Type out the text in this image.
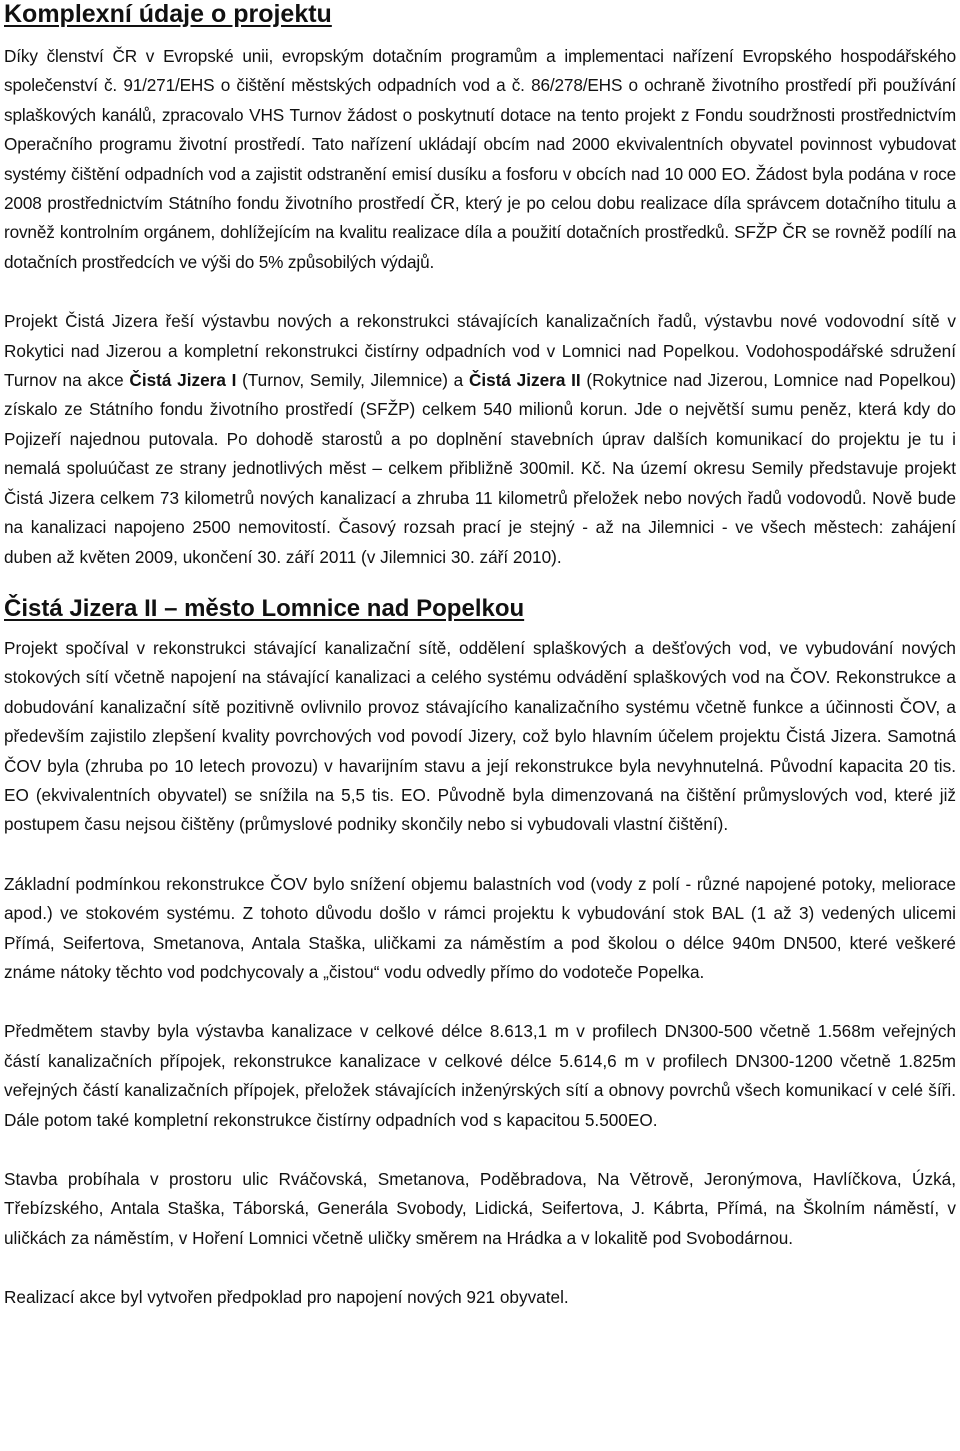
Komplexní údaje o projektu

Díky členství ČR v Evropské unii, evropským dotačním programům a implementaci nařízení Evropského hospodářského společenství č. 91/271/EHS o čištění městských odpadních vod a č. 86/278/EHS o ochraně životního prostředí při používání splaškových kanálů, zpracovalo VHS Turnov žádost o poskytnutí dotace na tento projekt z Fondu soudržnosti prostřednictvím Operačního programu životní prostředí. Tato nařízení ukládají obcím nad 2000 ekvivalentních obyvatel povinnost vybudovat systémy čištění odpadních vod a zajistit odstranění emisí dusíku a fosforu v obcích nad 10 000 EO. Žádost byla podána v roce 2008 prostřednictvím Státního fondu životního prostředí ČR, který je po celou dobu realizace díla správcem dotačního titulu a rovněž kontrolním orgánem, dohlížejícím na kvalitu realizace díla a použití dotačních prostředků. SFŽP ČR se rovněž podílí na dotačních prostředcích ve výši do 5% způsobilých výdajů.

Projekt Čistá Jizera řeší výstavbu nových a rekonstrukci stávajících kanalizačních řadů, výstavbu nové vodovodní sítě v Rokytici nad Jizerou a kompletní rekonstrukci čistírny odpadních vod v Lomnici nad Popelkou. Vodohospodářské sdružení Turnov na akce Čistá Jizera I (Turnov, Semily, Jilemnice) a Čistá Jizera II (Rokytnice nad Jizerou, Lomnice nad Popelkou) získalo ze Státního fondu životního prostředí (SFŽP) celkem 540 milionů korun. Jde o největší sumu peněz, která kdy do Pojizeří najednou putovala. Po dohodě starostů a po doplnění stavebních úprav dalších komunikací do projektu je tu i nemalá spoluúčast ze strany jednotlivých měst – celkem přibližně 300mil. Kč. Na území okresu Semily představuje projekt Čistá Jizera celkem 73 kilometrů nových kanalizací a zhruba 11 kilometrů přeložek nebo nových řadů vodovodů. Nově bude na kanalizaci napojeno 2500 nemovitostí. Časový rozsah prací je stejný - až na Jilemnici - ve všech městech: zahájení duben až květen 2009, ukončení 30. září 2011 (v Jilemnici 30. září 2010).

Čistá Jizera II – město Lomnice nad Popelkou

Projekt spočíval v rekonstrukci stávající kanalizační sítě, oddělení splaškových a dešťových vod, ve vybudování nových stokových sítí včetně napojení na stávající kanalizaci a celého systému odvádění splaškových vod na ČOV. Rekonstrukce a dobudování kanalizační sítě pozitivně ovlivnilo provoz stávajícího kanalizačního systému včetně funkce a účinnosti ČOV, a především zajistilo zlepšení kvality povrchových vod povodí Jizery, což bylo hlavním účelem projektu Čistá Jizera. Samotná ČOV byla (zhruba po 10 letech provozu) v havarijním stavu a její rekonstrukce byla nevyhnutelná. Původní kapacita 20 tis. EO (ekvivalentních obyvatel) se snížila na 5,5 tis. EO. Původně byla dimenzovaná na čištění průmyslových vod, které již postupem času nejsou čištěny (průmyslové podniky skončily nebo si vybudovali vlastní čištění).

Základní podmínkou rekonstrukce ČOV bylo snížení objemu balastních vod (vody z polí - různé napojené potoky, meliorace apod.) ve stokovém systému. Z tohoto důvodu došlo v rámci projektu k vybudování stok BAL (1 až 3) vedených ulicemi Přímá, Seifertova, Smetanova, Antala Staška, uličkami za náměstím a pod školou o délce 940m DN500, které veškeré známe nátoky těchto vod podchycovaly a „čistou“ vodu odvedly přímo do vodoteče Popelka.

Předmětem stavby byla výstavba kanalizace v celkové délce 8.613,1 m v profilech DN300-500 včetně 1.568m veřejných částí kanalizačních přípojek, rekonstrukce kanalizace v celkové délce 5.614,6 m v profilech DN300-1200 včetně 1.825m veřejných částí kanalizačních přípojek, přeložek stávajících inženýrských sítí a obnovy povrchů všech komunikací v celé šíři. Dále potom také kompletní rekonstrukce čistírny odpadních vod s kapacitou 5.500EO.

Stavba probíhala v prostoru ulic Rváčovská, Smetanova, Poděbradova, Na Větrově, Jeronýmova, Havlíčkova, Úzká, Třebízského, Antala Staška, Táborská, Generála Svobody, Lidická, Seifertova, J. Kábrta, Přímá, na Školním náměstí, v uličkách za náměstím, v Hoření Lomnici včetně uličky směrem na Hrádka a v lokalitě pod Svobodárnou.

Realizací akce byl vytvořen předpoklad pro napojení nových 921 obyvatel.
